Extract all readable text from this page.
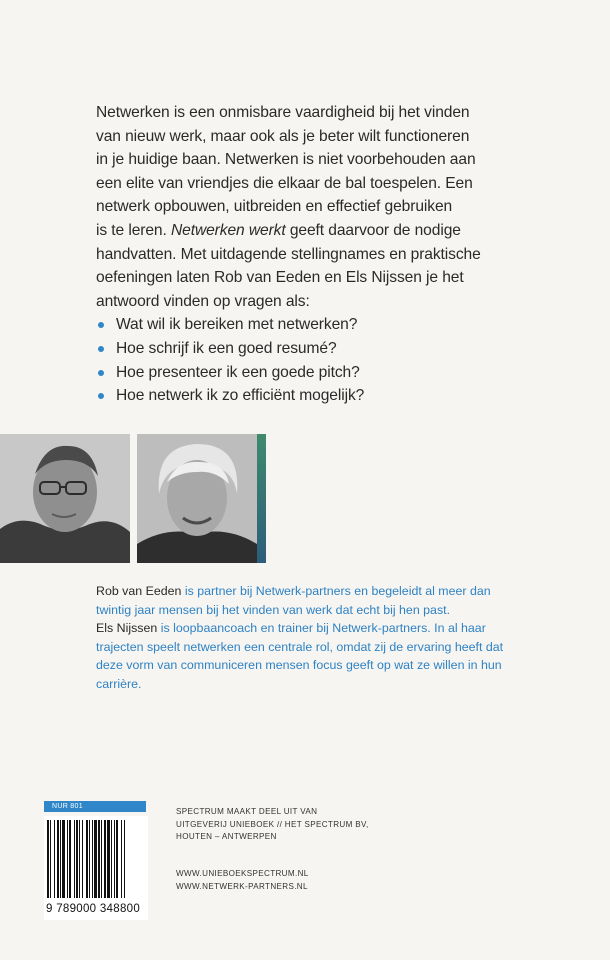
Netwerken is een onmisbare vaardigheid bij het vinden

van nieuw werk, maar ook als je beter wilt functioneren

in je huidige baan. Netwerken is niet voorbehouden aan

een elite van vriendjes die elkaar de bal toespelen. Een

netwerk opbouwen, uitbreiden en effectief gebruiken

is te leren. Netwerken werkt geeft daarvoor de nodige

handvatten. Met uitdagende stellingnames en praktische

oefeningen laten Rob van Eeden en Els Nijssen je het

antwoord vinden op vragen als:

Wat wil ik bereiken met netwerken?
Hoe schrijf ik een goed resumé?
Hoe presenteer ik een goede pitch?
Hoe netwerk ik zo efficiënt mogelijk?

Rob van Eeden is partner bij Netwerk-partners en begeleidt al meer dan twintig jaar mensen bij het vinden van werk dat echt bij hen past.

Els Nijssen is loopbaancoach en trainer bij Netwerk-partners. In al haar trajecten speelt netwerken een centrale rol, omdat zij de ervaring heeft dat deze vorm van communiceren mensen focus geeft op wat ze willen in hun carrière.

NUR 801
9 789000 348800

SPECTRUM MAAKT DEEL UIT VAN

UITGEVERIJ UNIEBOEK // HET SPECTRUM BV,

HOUTEN – ANTWERPEN

WWW.UNIEBOEKSPECTRUM.NL

WWW.NETWERK-PARTNERS.NL
